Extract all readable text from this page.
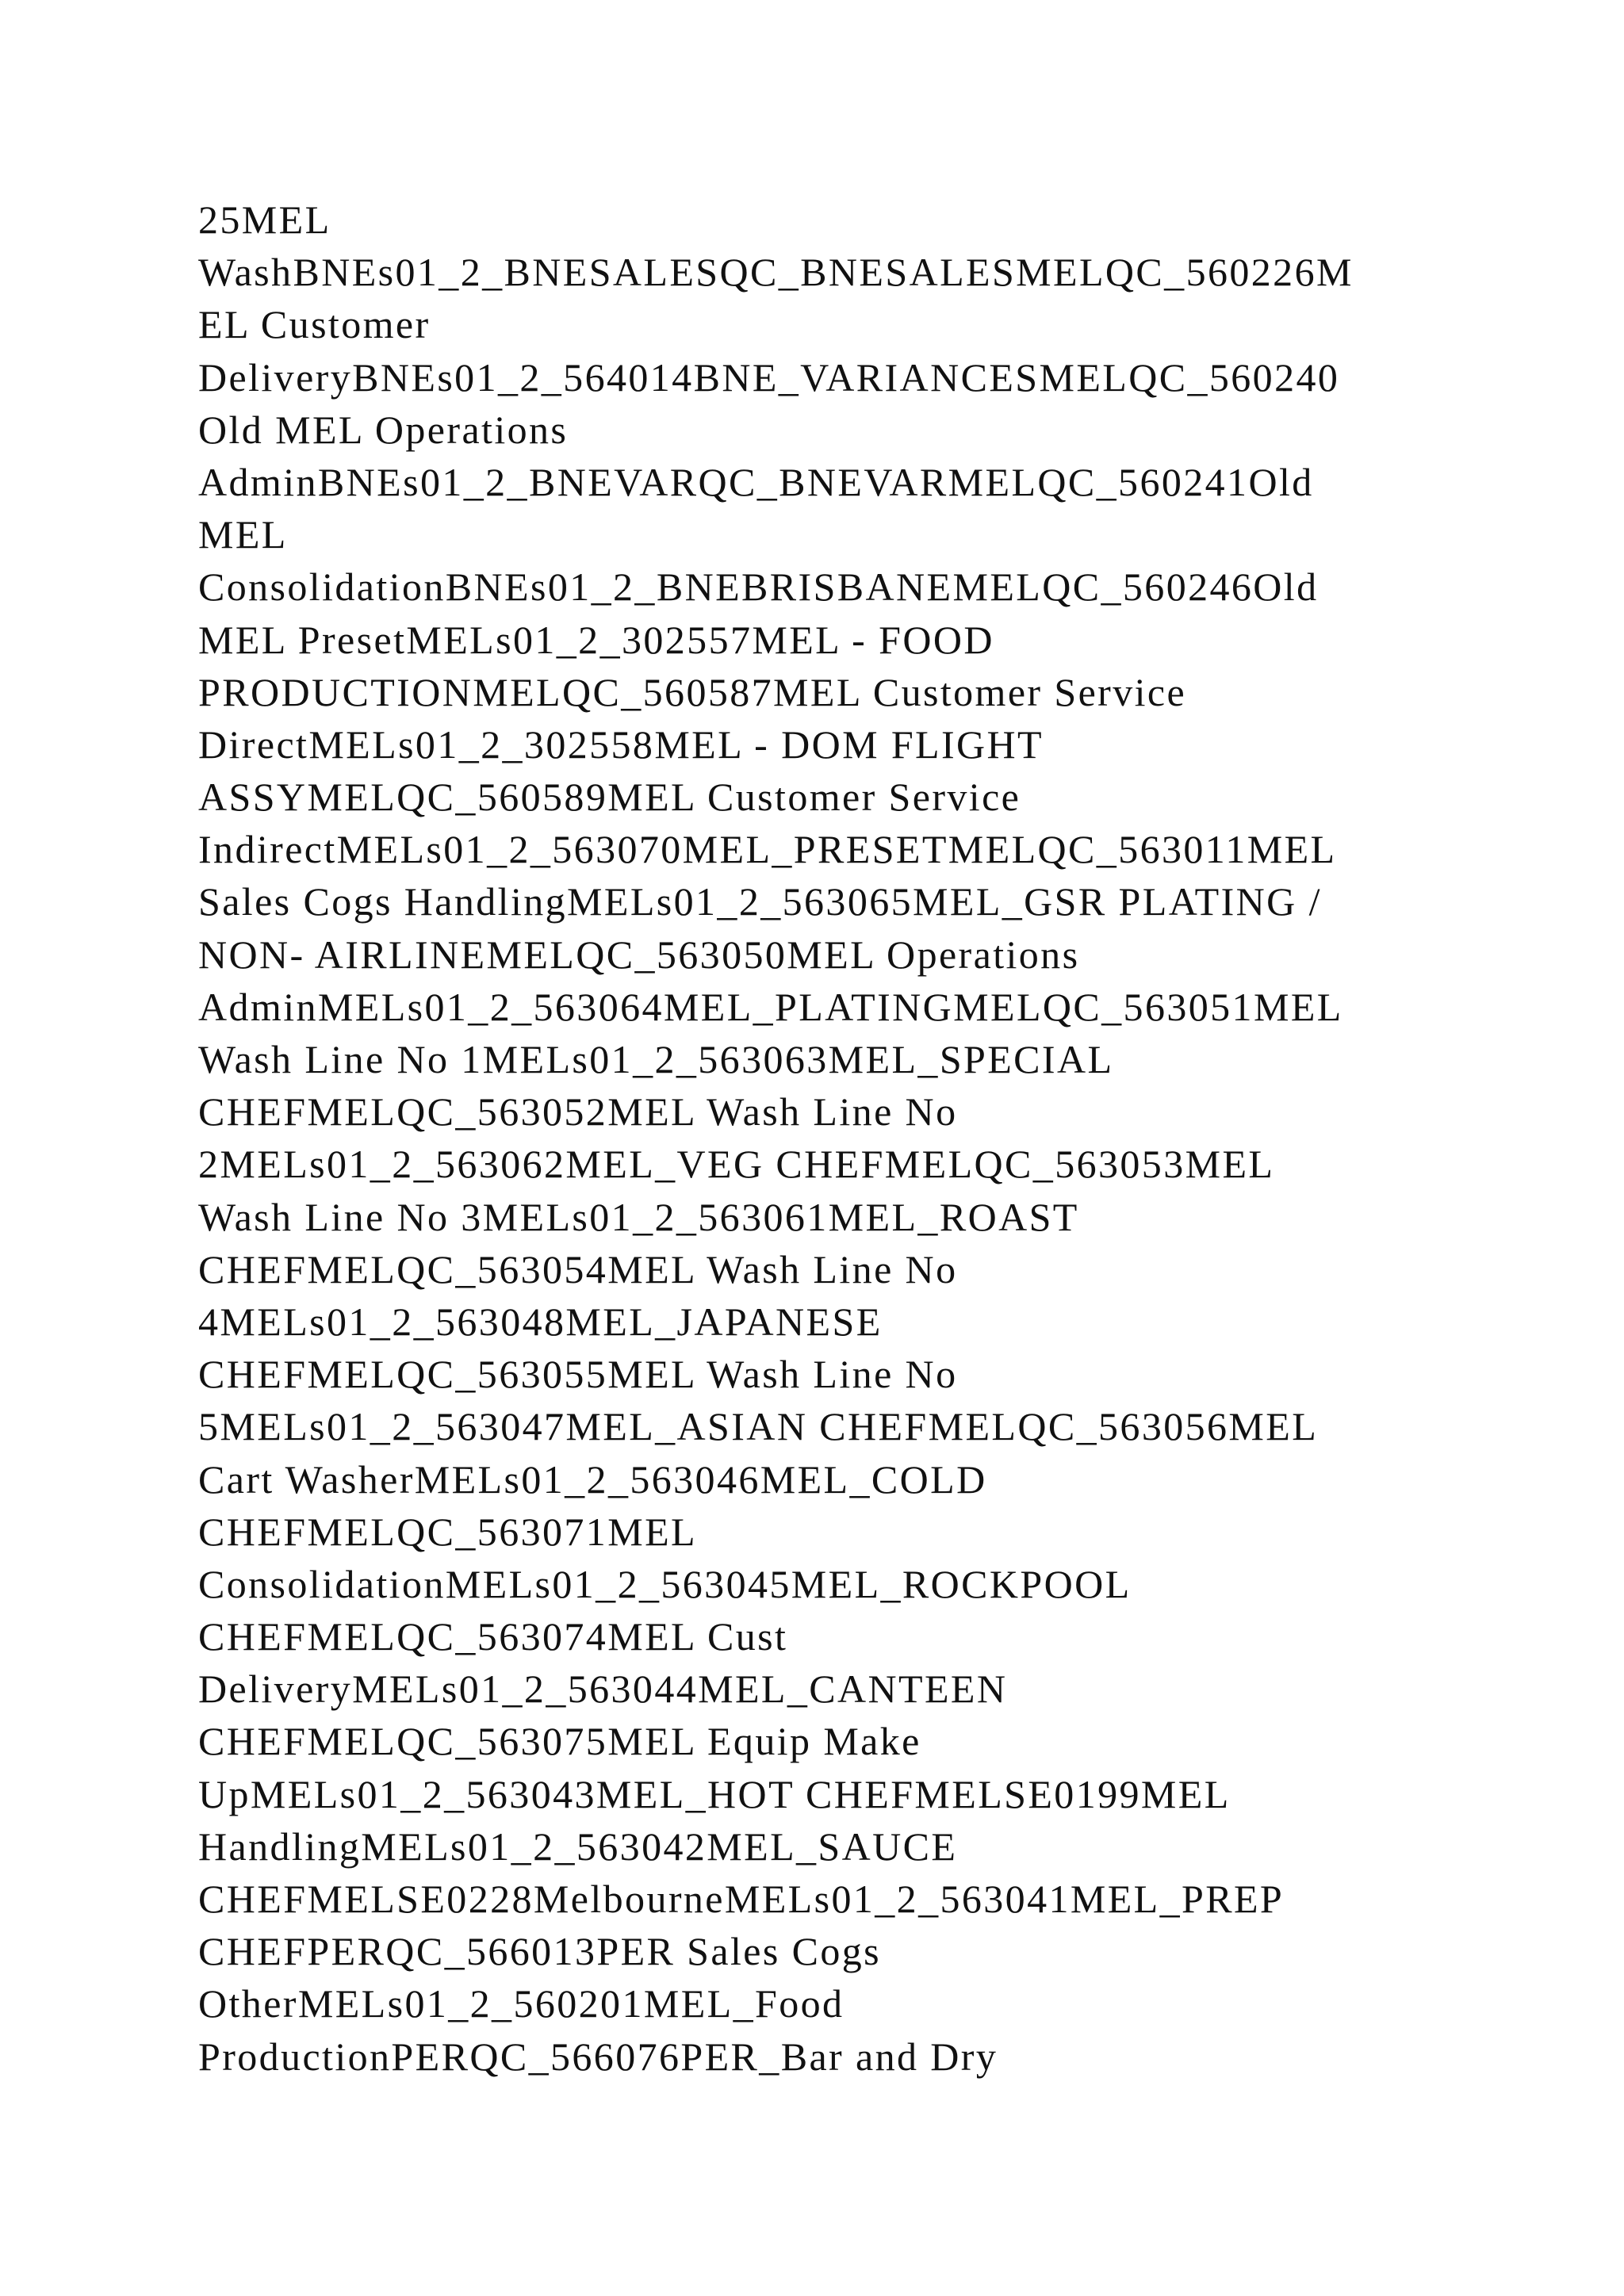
25MEL
WashBNEs01_2_BNESALESQC_BNESALESMELQC_560226M
EL Customer
DeliveryBNEs01_2_564014BNE_VARIANCESMELQC_560240
Old MEL Operations
AdminBNEs01_2_BNEVARQC_BNEVARMELQC_560241Old
MEL
ConsolidationBNEs01_2_BNEBRISBANEMELQC_560246Old
MEL PresetMELs01_2_302557MEL - FOOD
PRODUCTIONMELQC_560587MEL Customer Service
DirectMELs01_2_302558MEL - DOM FLIGHT
ASSYMELQC_560589MEL Customer Service
IndirectMELs01_2_563070MEL_PRESETMELQC_563011MEL
Sales Cogs HandlingMELs01_2_563065MEL_GSR PLATING /
NON- AIRLINEMELQC_563050MEL Operations
AdminMELs01_2_563064MEL_PLATINGMELQC_563051MEL
Wash Line No 1MELs01_2_563063MEL_SPECIAL
CHEFMELQC_563052MEL Wash Line No
2MELs01_2_563062MEL_VEG CHEFMELQC_563053MEL
Wash Line No 3MELs01_2_563061MEL_ROAST
CHEFMELQC_563054MEL Wash Line No
4MELs01_2_563048MEL_JAPANESE
CHEFMELQC_563055MEL Wash Line No
5MELs01_2_563047MEL_ASIAN CHEFMELQC_563056MEL
Cart WasherMELs01_2_563046MEL_COLD
CHEFMELQC_563071MEL
ConsolidationMELs01_2_563045MEL_ROCKPOOL
CHEFMELQC_563074MEL Cust
DeliveryMELs01_2_563044MEL_CANTEEN
CHEFMELQC_563075MEL Equip Make
UpMELs01_2_563043MEL_HOT CHEFMELSE0199MEL
HandlingMELs01_2_563042MEL_SAUCE
CHEFMELSE0228MelbourneMELs01_2_563041MEL_PREP
CHEFPERQC_566013PER Sales Cogs
OtherMELs01_2_560201MEL_Food
ProductionPERQC_566076PER_Bar and Dry
